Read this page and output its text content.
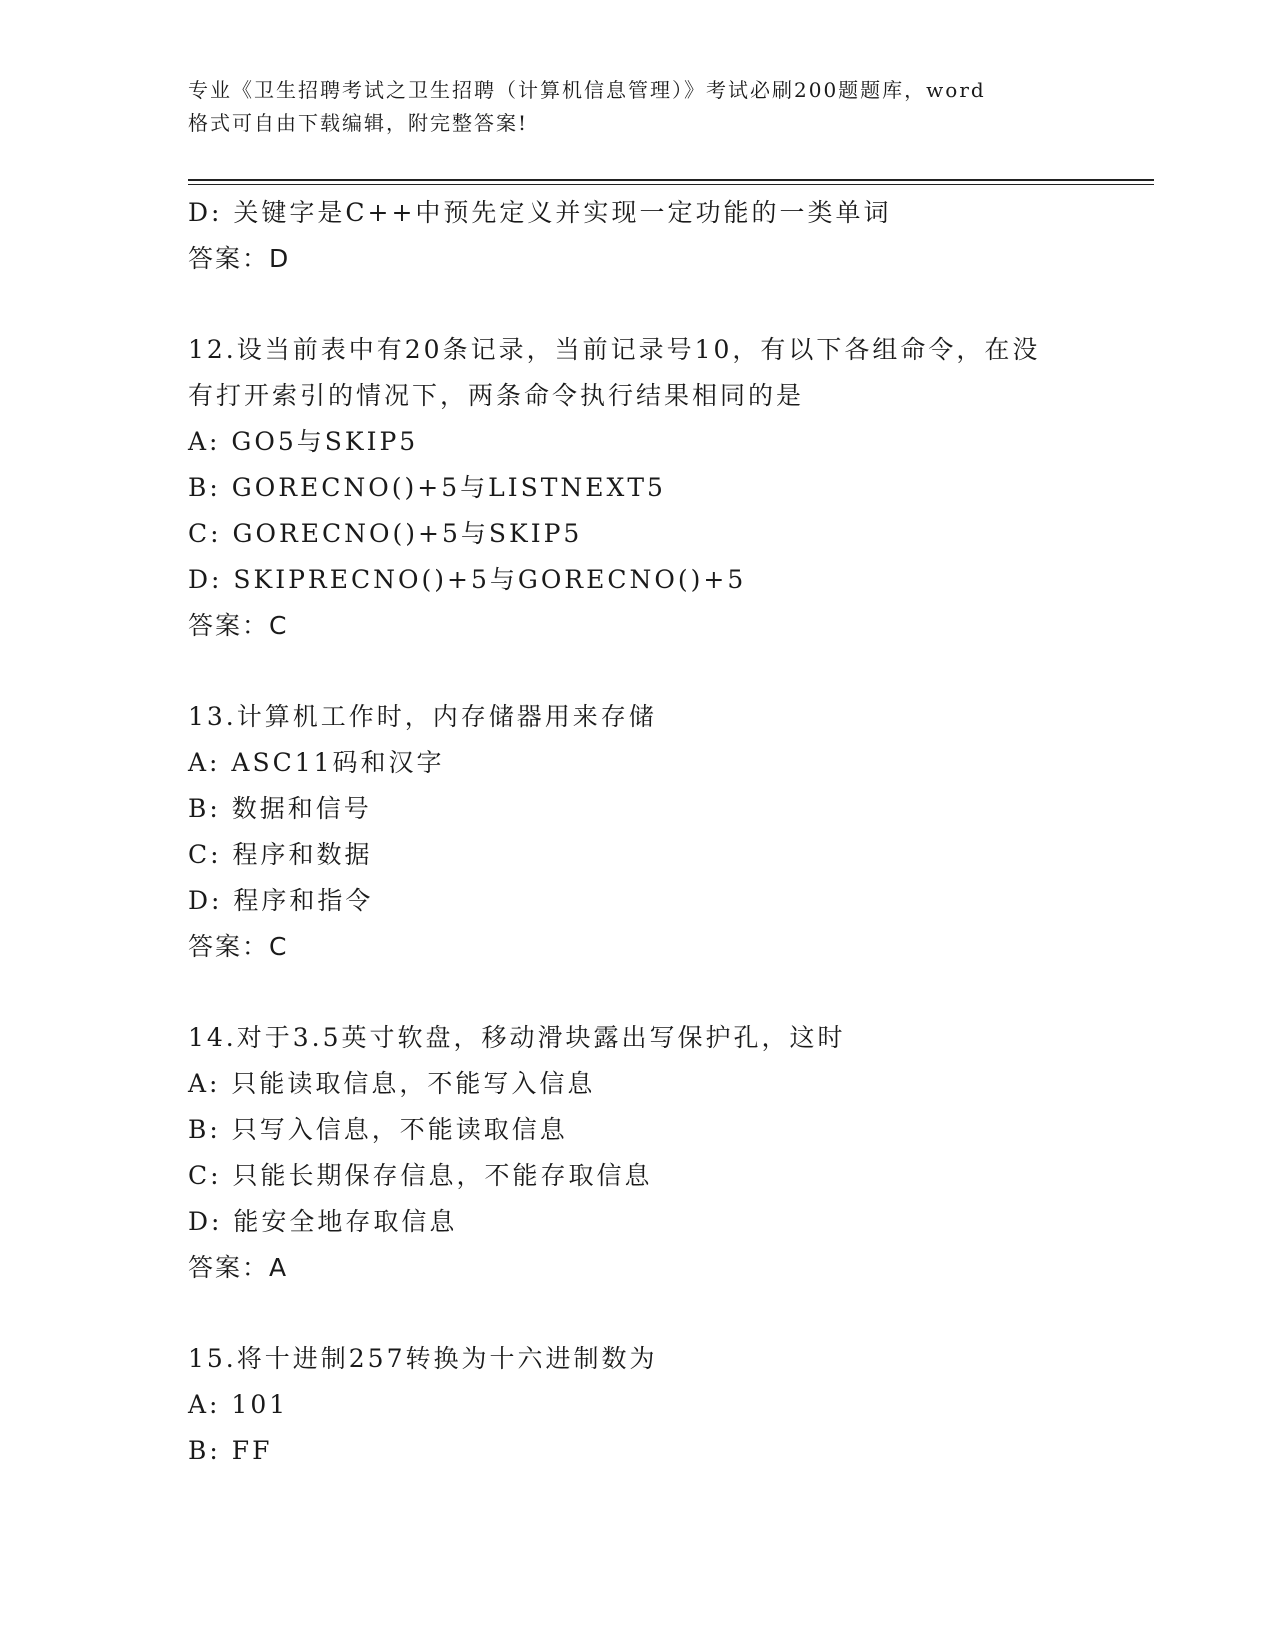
专业《卫生招聘考试之卫生招聘（计算机信息管理）》考试必刷200题题库，word
格式可自由下载编辑，附完整答案!
D: 关键字是C++中预先定义并实现一定功能的一类单词
答案：D
12.设当前表中有20条记录，当前记录号10，有以下各组命令，在没
有打开索引的情况下，两条命令执行结果相同的是
A: GO5与SKIP5
B: GORECNO()+5与LISTNEXT5
C: GORECNO()+5与SKIP5
D: SKIPRECNO()+5与GORECNO()+5
答案：C
13.计算机工作时，内存储器用来存储
A: ASC11码和汉字
B: 数据和信号
C: 程序和数据
D: 程序和指令
答案：C
14.对于3.5英寸软盘，移动滑块露出写保护孔，这时
A: 只能读取信息，不能写入信息
B: 只写入信息，不能读取信息
C: 只能长期保存信息，不能存取信息
D: 能安全地存取信息
答案：A
15.将十进制257转换为十六进制数为
A: 101
B: FF
